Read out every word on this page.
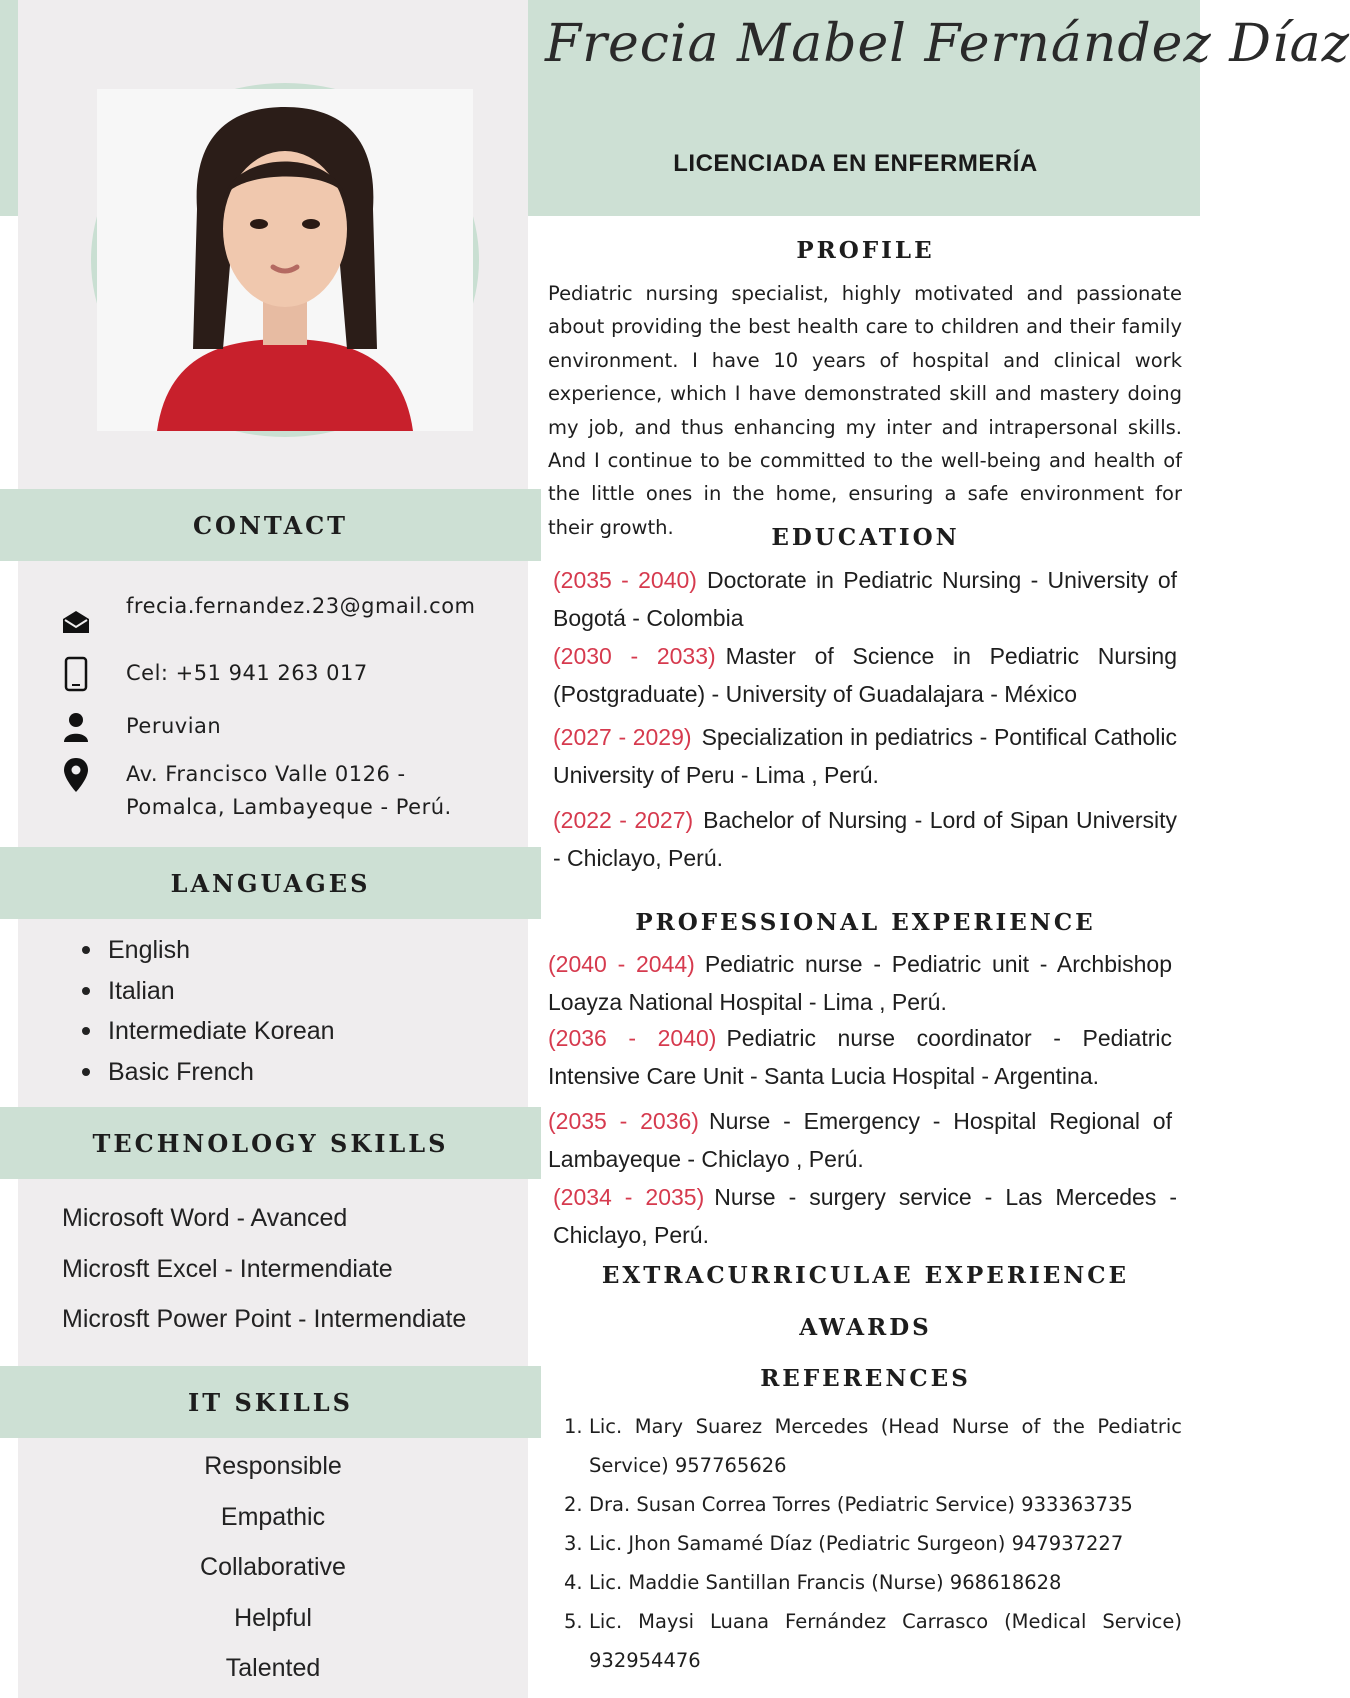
CONTACT
frecia.fernandez.23@gmail.com
Cel: +51 941 263 017
Peruvian
Av. Francisco Valle 0126 -
Pomalca, Lambayeque - Perú.
LANGUAGES
English
Italian
Intermediate Korean
Basic French
TECHNOLOGY SKILLS
Microsoft Word - Avanced
Microsft Excel - Intermendiate
Microsft Power Point - Intermendiate
IT SKILLS
Responsible
Empathic
Collaborative
Helpful
Talented
Frecia Mabel Fernández Díaz
LICENCIADA EN ENFERMERÍA
PROFILE
Pediatric nursing specialist, highly motivated and passionate about providing the best health care to children and their family environment. I have 10 years of hospital and clinical work experience, which I have demonstrated skill and mastery doing my job, and thus enhancing my inter and intrapersonal skills. And I continue to be committed to the well-being and health of the little ones in the home, ensuring a safe environment for their growth.	EDUCATION
(2035 - 2040) Doctorate in Pediatric Nursing - University of Bogotá - Colombia
(2030 - 2033) Master of Science in Pediatric Nursing (Postgraduate) - University of Guadalajara - México
(2027 - 2029) Specialization in pediatrics - Pontifical Catholic University of Peru - Lima , Perú.
(2022 - 2027) Bachelor of Nursing - Lord of Sipan University - Chiclayo, Perú.
PROFESSIONAL EXPERIENCE
(2040 - 2044) Pediatric nurse - Pediatric unit - Archbishop Loayza National Hospital - Lima , Perú.
(2036 - 2040) Pediatric nurse coordinator - Pediatric Intensive Care Unit - Santa Lucia Hospital - Argentina.
(2035 - 2036) Nurse - Emergency - Hospital Regional of Lambayeque - Chiclayo , Perú.
(2034 - 2035) Nurse - surgery service - Las Mercedes - Chiclayo, Perú.
EXTRACURRICULAE EXPERIENCE
AWARDS
REFERENCES
1. Lic. Mary Suarez Mercedes (Head Nurse of the Pediatric Service) 957765626
2. Dra. Susan Correa Torres (Pediatric Service) 933363735
3. Lic. Jhon Samamé Díaz (Pediatric Surgeon) 947937227
4. Lic. Maddie Santillan Francis (Nurse) 968618628
5. Lic. Maysi Luana Fernández Carrasco (Medical Service) 932954476
